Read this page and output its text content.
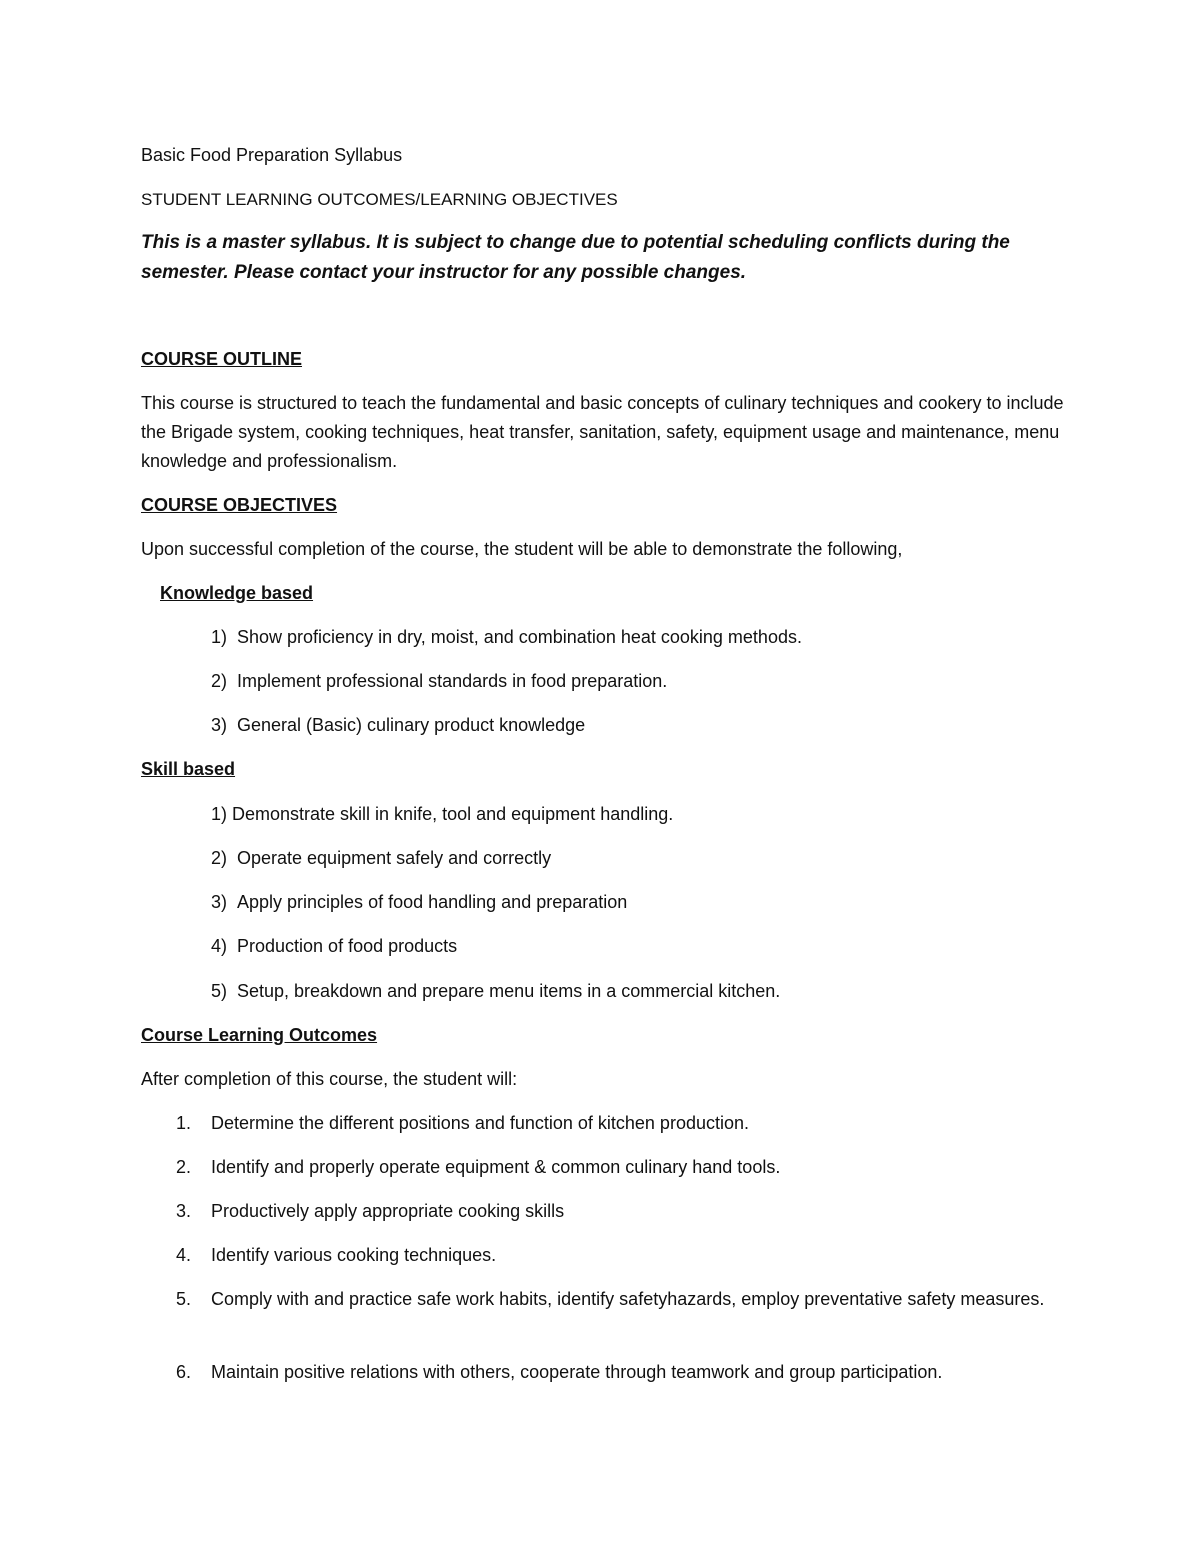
Basic Food Preparation Syllabus
STUDENT LEARNING OUTCOMES/LEARNING OBJECTIVES
This is a master syllabus. It is subject to change due to potential scheduling conflicts during the semester. Please contact your instructor for any possible changes.
COURSE OUTLINE
This course is structured to teach the fundamental and basic concepts of culinary techniques and cookery to include the Brigade system, cooking techniques, heat transfer, sanitation, safety, equipment usage and maintenance, menu knowledge and professionalism.
COURSE OBJECTIVES
Upon successful completion of the course, the student will be able to demonstrate the following,
Knowledge based
1) Show proficiency in dry, moist, and combination heat cooking methods.
2) Implement professional standards in food preparation.
3) General (Basic) culinary product knowledge
Skill based
1) Demonstrate skill in knife, tool and equipment handling.
2) Operate equipment safely and correctly
3) Apply principles of food handling and preparation
4) Production of food products
5) Setup, breakdown and prepare menu items in a commercial kitchen.
Course Learning Outcomes
After completion of this course, the student will:
1. Determine the different positions and function of kitchen production.
2. Identify and properly operate equipment & common culinary hand tools.
3. Productively apply appropriate cooking skills
4. Identify various cooking techniques.
5. Comply with and practice safe work habits, identify safetyhazards, employ preventative safety measures.
6. Maintain positive relations with others, cooperate through teamwork and group participation.
